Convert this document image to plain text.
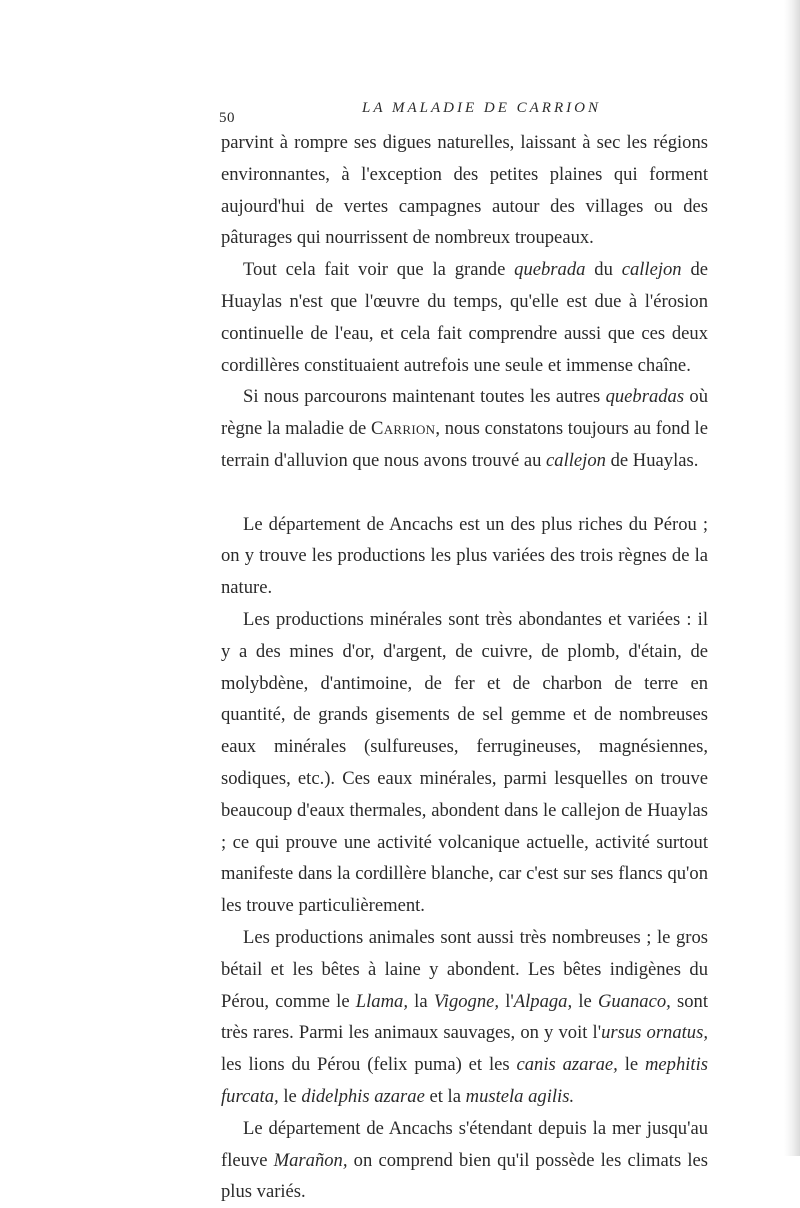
50
LA MALADIE DE CARRION

parvint à rompre ses digues naturelles, laissant à sec les régions environnantes, à l'exception des petites plaines qui forment aujourd'hui de vertes campagnes autour des villages ou des pâturages qui nourrissent de nombreux troupeaux.

Tout cela fait voir que la grande quebrada du callejon de Huaylas n'est que l'œuvre du temps, qu'elle est due à l'érosion continuelle de l'eau, et cela fait comprendre aussi que ces deux cordillères constituaient autrefois une seule et immense chaîne.

Si nous parcourons maintenant toutes les autres quebradas où règne la maladie de Carrion, nous constatons toujours au fond le terrain d'alluvion que nous avons trouvé au callejon de Huaylas.

Le département de Ancachs est un des plus riches du Pérou ; on y trouve les productions les plus variées des trois règnes de la nature.

Les productions minérales sont très abondantes et variées : il y a des mines d'or, d'argent, de cuivre, de plomb, d'étain, de molybdène, d'antimoine, de fer et de charbon de terre en quantité, de grands gisements de sel gemme et de nombreuses eaux minérales (sulfureuses, ferrugineuses, magnésiennes, sodiques, etc.). Ces eaux minérales, parmi lesquelles on trouve beaucoup d'eaux thermales, abondent dans le callejon de Huaylas ; ce qui prouve une activité volcanique actuelle, activité surtout manifeste dans la cordillère blanche, car c'est sur ses flancs qu'on les trouve particulièrement.

Les productions animales sont aussi très nombreuses ; le gros bétail et les bêtes à laine y abondent. Les bêtes indigènes du Pérou, comme le Llama, la Vigogne, l'Alpaga, le Guanaco, sont très rares. Parmi les animaux sauvages, on y voit l'ursus ornatus, les lions du Pérou (felix puma) et les canis azarae, le mephitis furcata, le didelphis azarae et la mustela agilis.

Le département de Ancachs s'étendant depuis la mer jusqu'au fleuve Marañon, on comprend bien qu'il possède les climats les plus variés.
